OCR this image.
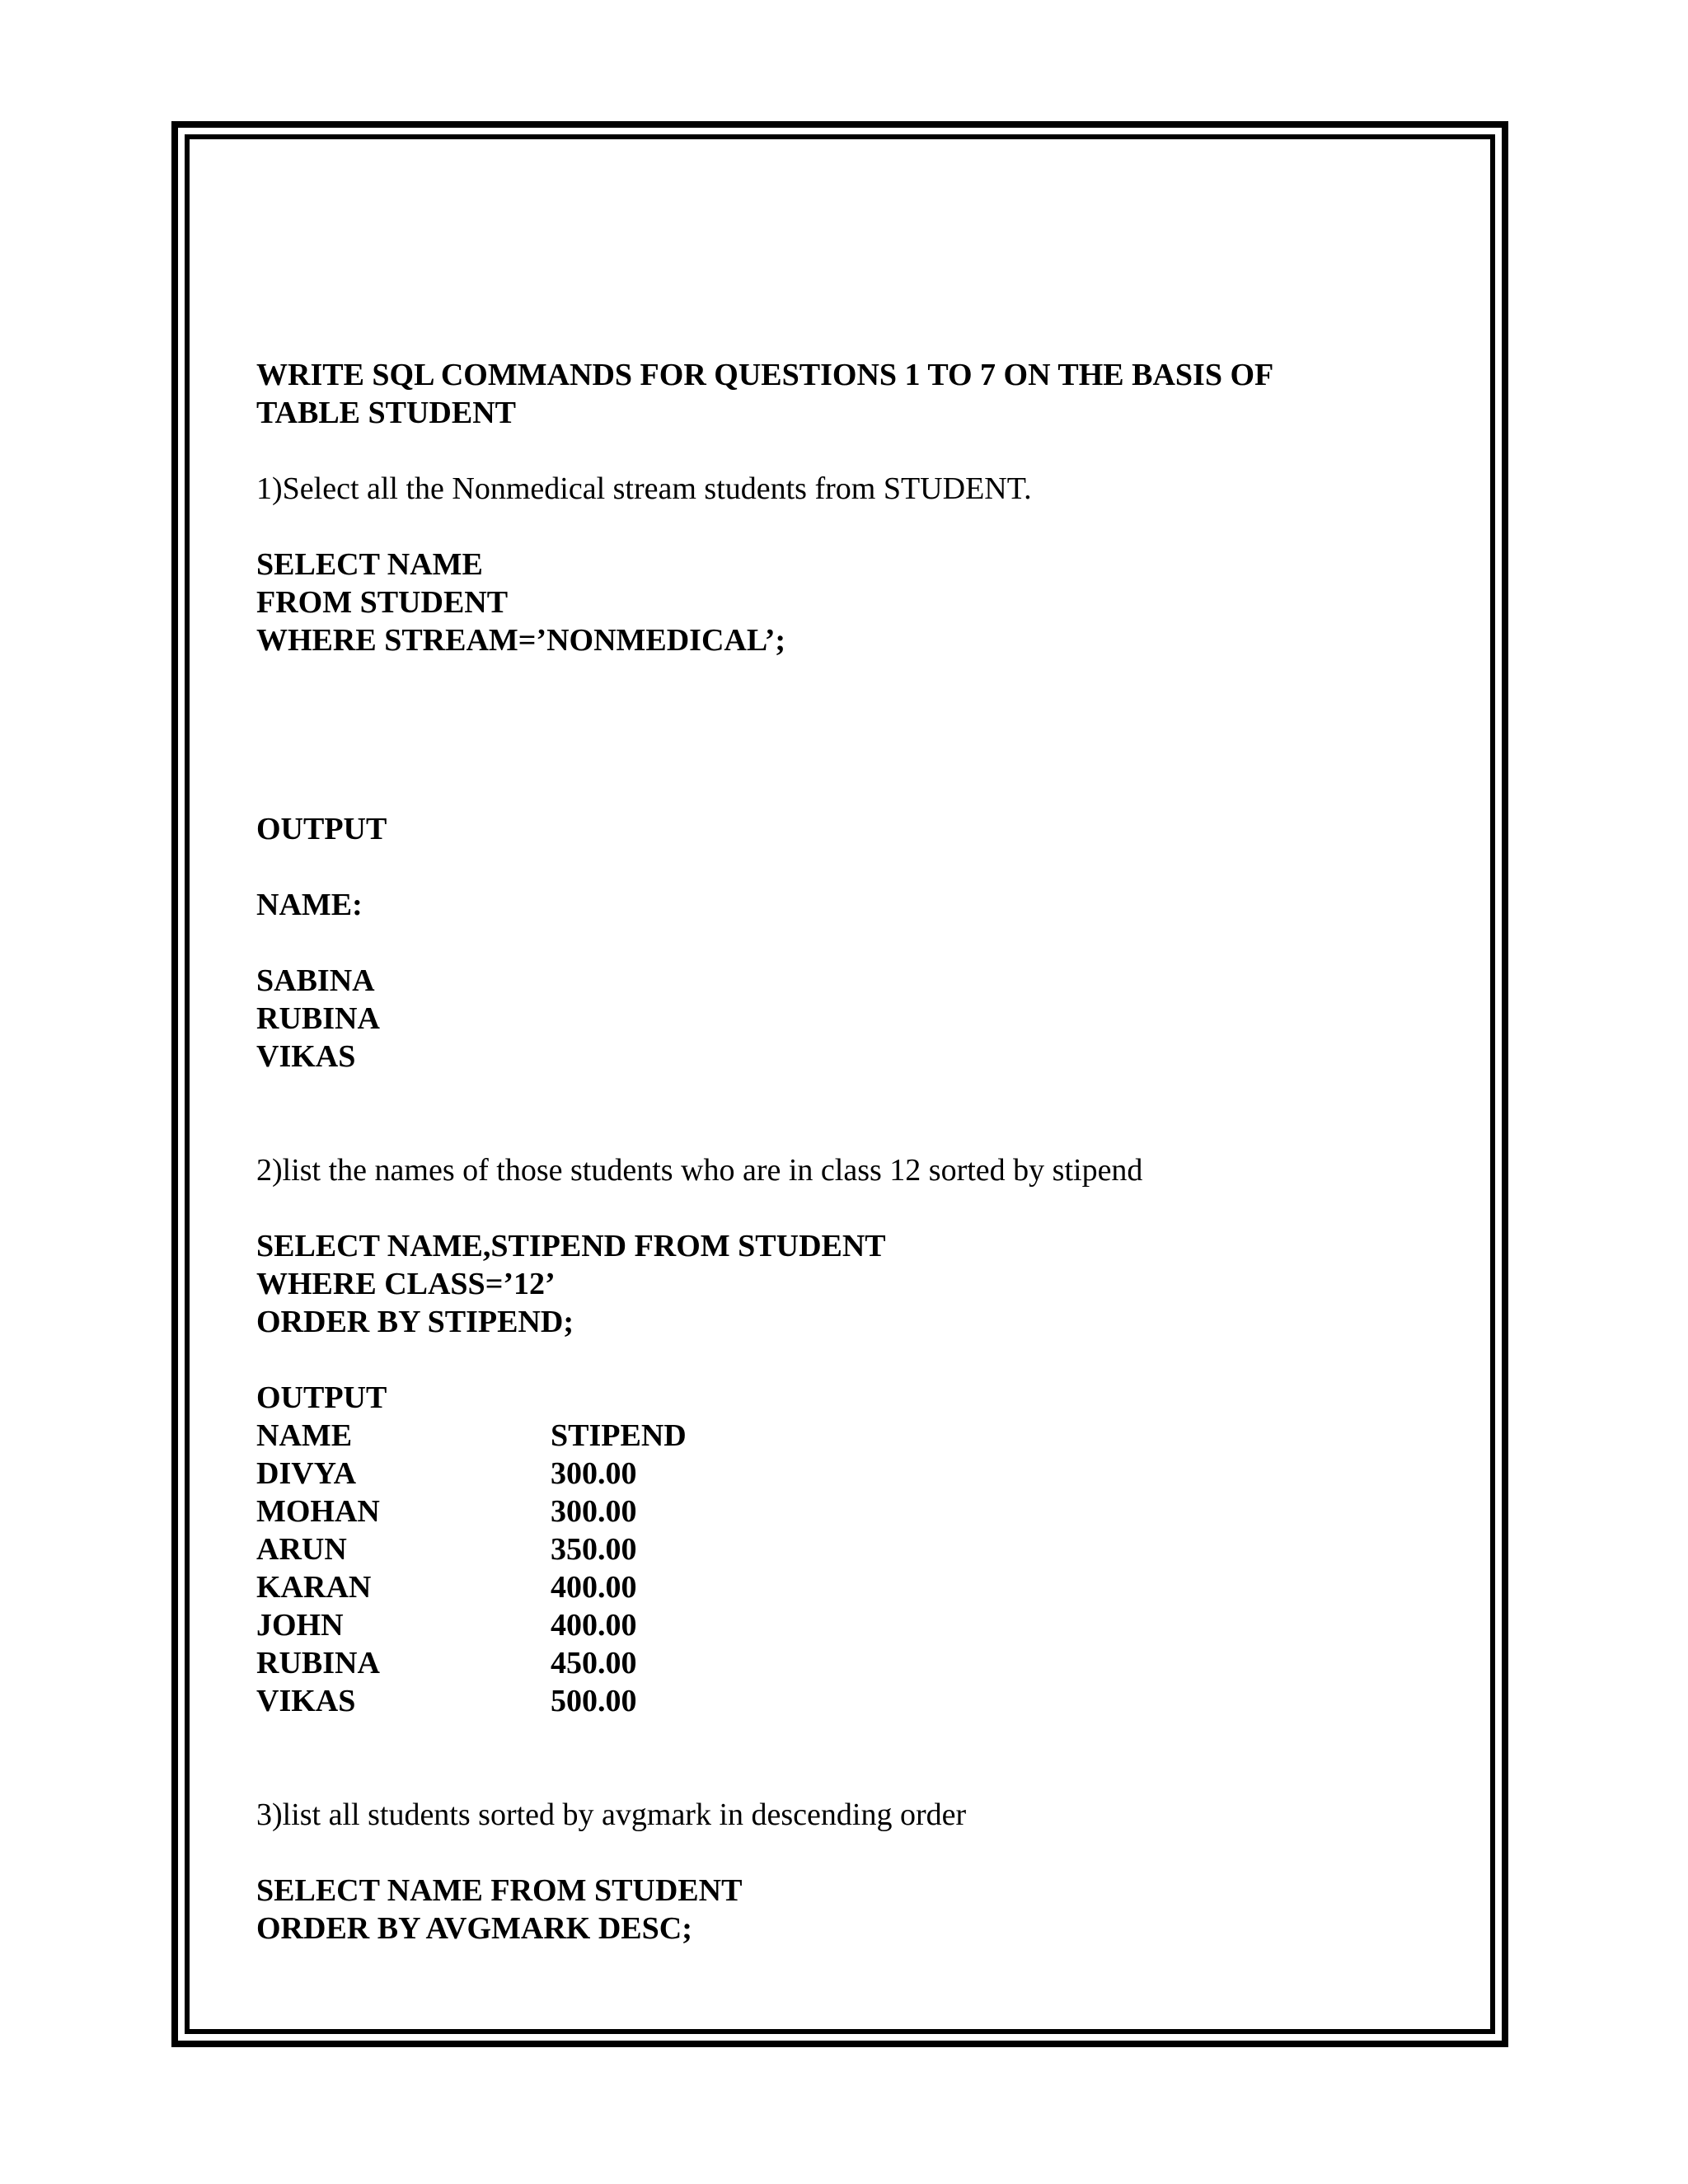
WRITE SQL COMMANDS FOR QUESTIONS 1 TO 7 ON THE BASIS OF
TABLE STUDENT
1)Select all the Nonmedical stream students from STUDENT.
SELECT NAME
FROM STUDENT
WHERE STREAM=’NONMEDICAL’;
OUTPUT
NAME:
SABINA
RUBINA
VIKAS
2)list the names of those students who are in class 12 sorted by stipend
SELECT NAME,STIPEND FROM STUDENT
WHERE CLASS=’12’
ORDER BY STIPEND;
OUTPUT
NAME	STIPEND
DIVYA	300.00
MOHAN	300.00
ARUN	350.00
KARAN	400.00
JOHN	400.00
RUBINA	450.00
VIKAS	500.00
3)list all students sorted by avgmark in descending order
SELECT NAME FROM STUDENT
ORDER BY AVGMARK DESC;
